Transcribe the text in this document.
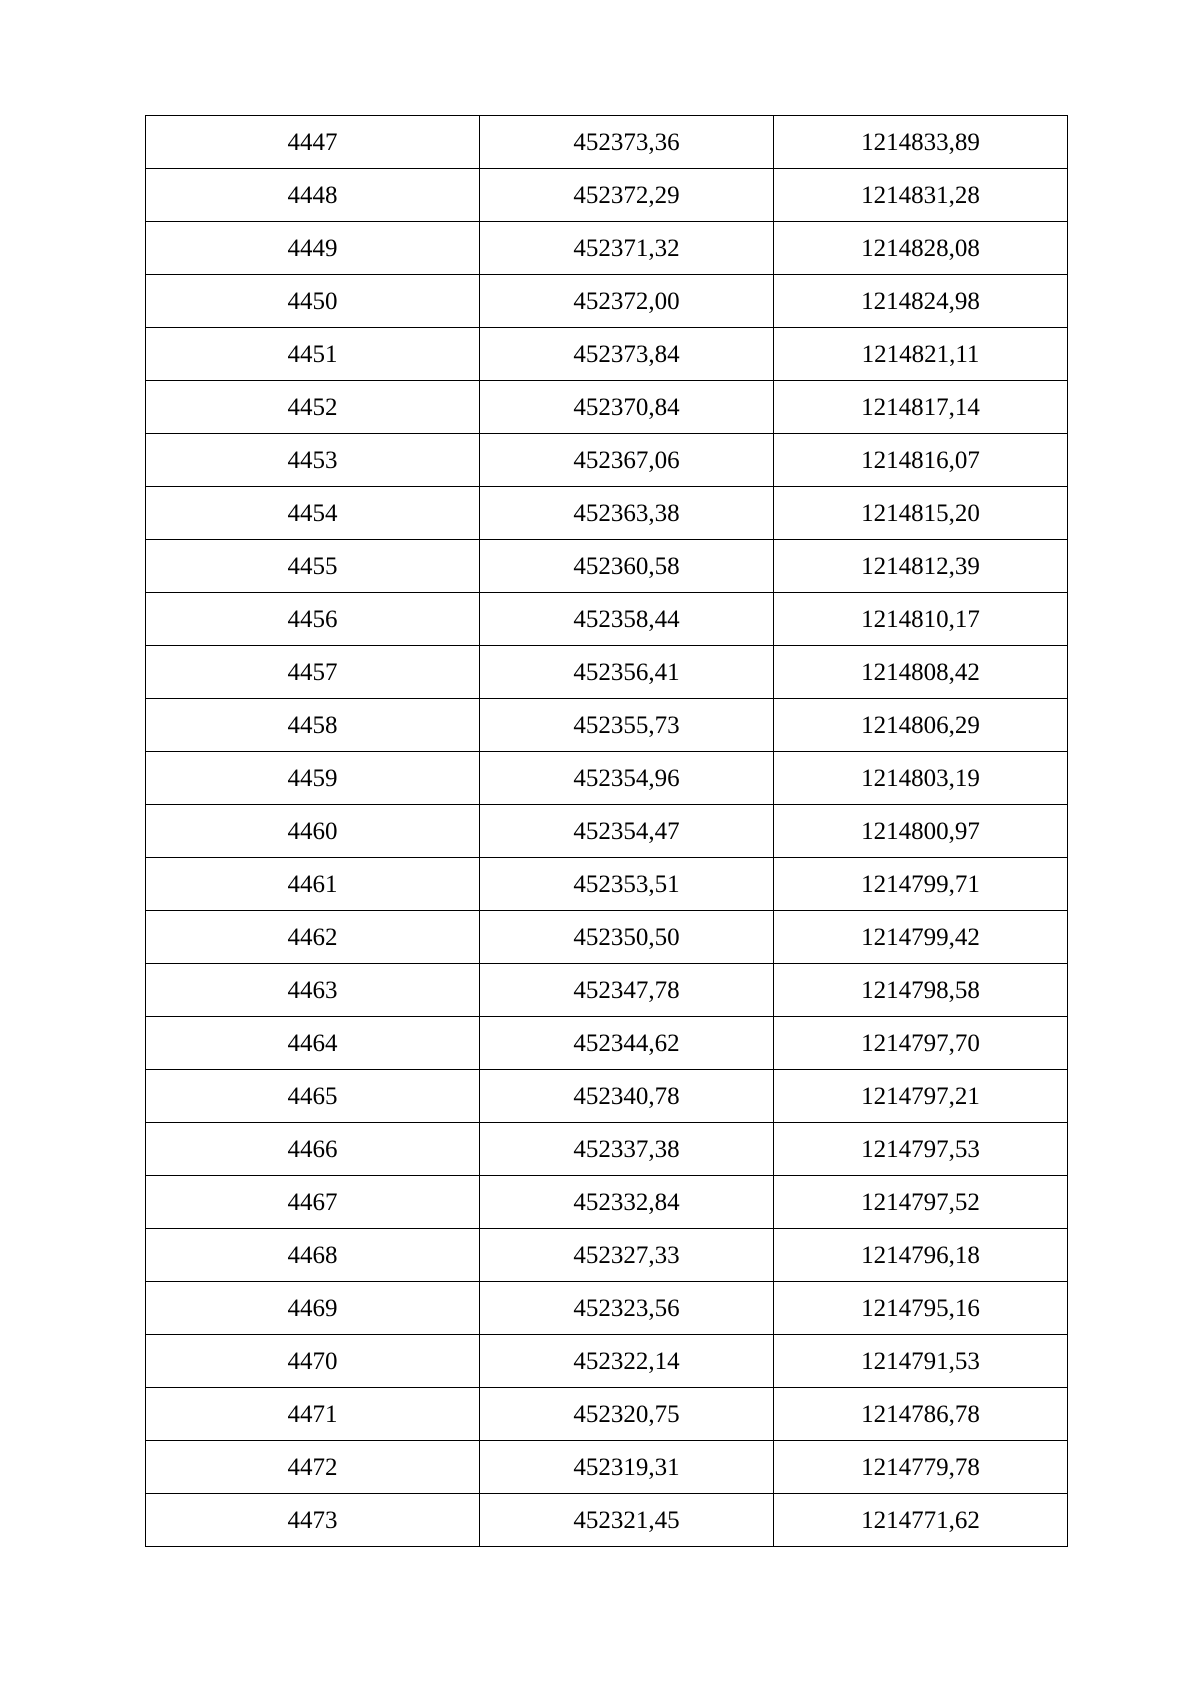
4447	452373,36	1214833,89
4448	452372,29	1214831,28
4449	452371,32	1214828,08
4450	452372,00	1214824,98
4451	452373,84	1214821,11
4452	452370,84	1214817,14
4453	452367,06	1214816,07
4454	452363,38	1214815,20
4455	452360,58	1214812,39
4456	452358,44	1214810,17
4457	452356,41	1214808,42
4458	452355,73	1214806,29
4459	452354,96	1214803,19
4460	452354,47	1214800,97
4461	452353,51	1214799,71
4462	452350,50	1214799,42
4463	452347,78	1214798,58
4464	452344,62	1214797,70
4465	452340,78	1214797,21
4466	452337,38	1214797,53
4467	452332,84	1214797,52
4468	452327,33	1214796,18
4469	452323,56	1214795,16
4470	452322,14	1214791,53
4471	452320,75	1214786,78
4472	452319,31	1214779,78
4473	452321,45	1214771,62
